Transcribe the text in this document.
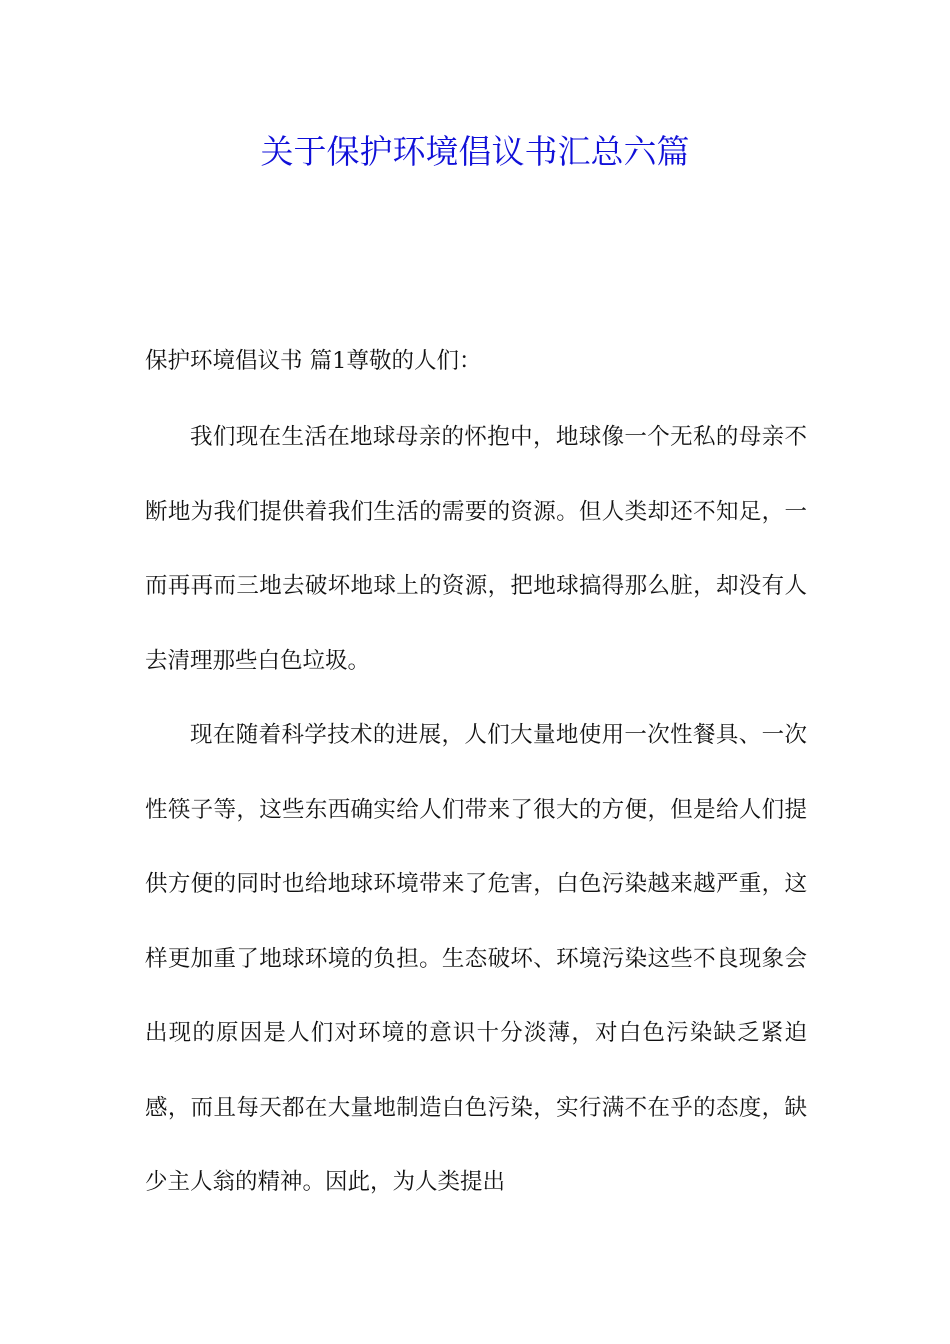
关于保护环境倡议书汇总六篇
保护环境倡议书 篇1尊敬的人们：

我们现在生活在地球母亲的怀抱中，地球像一个无私的母亲不断地为我们提供着我们生活的需要的资源。但人类却还不知足，一而再再而三地去破坏地球上的资源，把地球搞得那么脏，却没有人去清理那些白色垃圾。

现在随着科学技术的进展，人们大量地使用一次性餐具、一次性筷子等，这些东西确实给人们带来了很大的方便，但是给人们提供方便的同时也给地球环境带来了危害，白色污染越来越严重，这样更加重了地球环境的负担。生态破坏、环境污染这些不良现象会出现的原因是人们对环境的意识十分淡薄，对白色污染缺乏紧迫感，而且每天都在大量地制造白色污染，实行满不在乎的态度，缺少主人翁的精神。因此，为人类提出
